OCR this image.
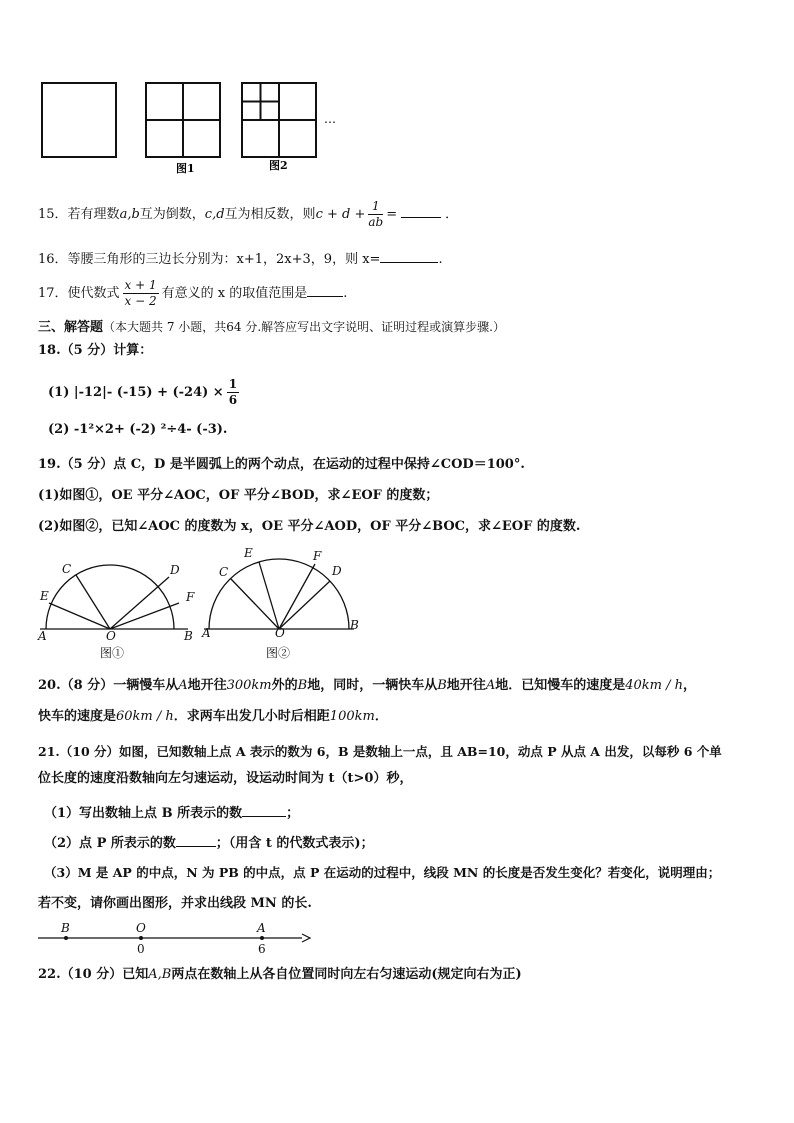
图1	图2
…
15．若有理数a,b互为倒数，c,d互为相反数，则$c + d + \frac{1}{ab}$ =	．
16．等腰三角形的三边长分别为：x+1，2x+3，9，则 x=	.
17．使代数式 $\frac{x + 1}{x - 2}$ 有意义的 x 的取值范围是	.
三、解答题（本大题共 7 小题，共64 分.解答应写出文字说明、证明过程或演算步骤.）
18.（5 分）计算：
(1) |-12|- $(-15) + (-24) \times \frac{1}{6}$
(2) -1²×2+ (-2) ²÷4- (-3).
19.（5 分）点 C，D 是半圆弧上的两个动点，在运动的过程中保持∠COD＝100°.
(1)如图①，OE 平分∠AOC，OF 平分∠BOD，求∠EOF 的度数；
(2)如图②，已知∠AOC 的度数为 x，OE 平分∠AOD，OF 平分∠BOC，求∠EOF 的度数.
C	D
E	F
A	O	B
C
E	F
D
A	O
B
图①	图②
20.（8 分）一辆慢车从A地开往300km外的B地，同时，一辆快车从B地开往A地．已知慢车的速度是40km / h，
快车的速度是60km / h．求两车出发几小时后相距100km．
21.（10 分）如图，已知数轴上点 A 表示的数为 6，B 是数轴上一点，且 AB=10，动点 P 从点 A 出发，以每秒 6 个单
位长度的速度沿数轴向左匀速运动，设运动时间为 t（t>0）秒，
（1）写出数轴上点 B 所表示的数	；
（2）点 P 所表示的数	；（用含 t 的代数式表示)；
（3）M 是 AP 的中点，N 为 PB 的中点，点 P 在运动的过程中，线段 MN 的长度是否发生变化？若变化，说明理由；
若不变，请你画出图形，并求出线段 MN 的长.
B	O	A
0	6
22.（10 分）已知A,B两点在数轴上从各自位置同时向左右匀速运动(规定向右为正)
